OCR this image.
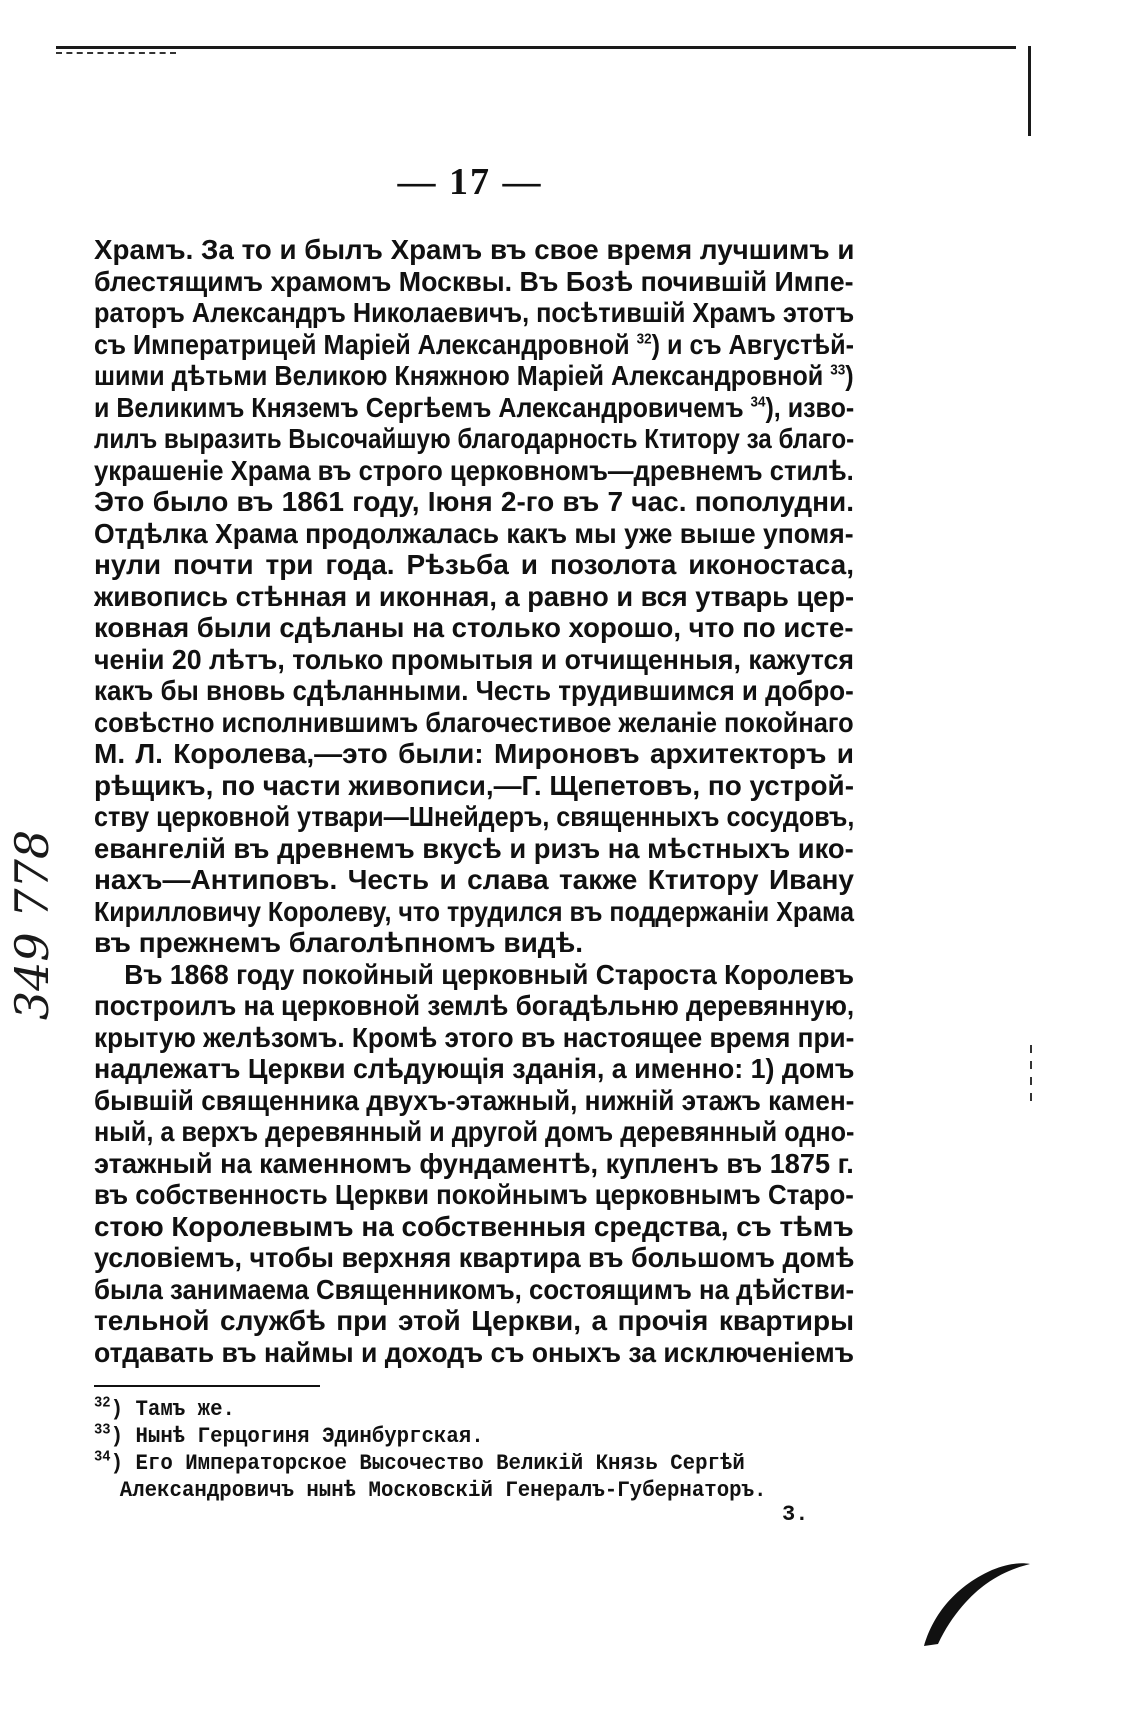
— 17 —
349 778
Храмъ. За то и былъ Храмъ въ свое время лучшимъ и
блестящимъ храмомъ Москвы. Въ Бозѣ почившій Импе-
раторъ Александръ Николаевичъ, посѣтившій Храмъ этотъ
съ Императрицей Маріей Александровной $^{32}$) и съ Августѣй-
шими дѣтьми Великою Княжною Маріей Александровной $^{33}$)
и Великимъ Княземъ Сергѣемъ Александровичемъ $^{34}$), изво-
лилъ выразить Высочайшую благодарность Ктитору за благо-
украшеніе Храма въ строго церковномъ—древнемъ стилѣ.
Это было въ 1861 году, Іюня 2-го въ 7 час. пополудни.
Отдѣлка Храма продолжалась какъ мы уже выше упомя-
нули почти три года. Рѣзьба и позолота иконостаса,
живопись стѣнная и иконная, а равно и вся утварь цер-
ковная были сдѣланы на столько хорошо, что по исте-
ченіи 20 лѣтъ, только промытыя и отчищенныя, кажутся
какъ бы вновь сдѣланными. Честь трудившимся и добро-
совѣстно исполнившимъ благочестивое желаніе покойнаго
М. Л. Королева,—это были: Мироновъ архитекторъ и
рѣщикъ, по части живописи,—Г. Щепетовъ, по устрой-
ству церковной утвари—Шнейдеръ, священныхъ сосудовъ,
евангелій въ древнемъ вкусѣ и ризъ на мѣстныхъ ико-
нахъ—Антиповъ. Честь и слава также Ктитору Ивану
Кирилловичу Королеву, что трудился въ поддержаніи Храма
въ прежнемъ благолѣпномъ видѣ.
Въ 1868 году покойный церковный Староста Королевъ
построилъ на церковной землѣ богадѣльню деревянную,
крытую желѣзомъ. Кромѣ этого въ настоящее время при-
надлежатъ Церкви слѣдующія зданія, а именно: 1) домъ
бывшій священника двухъ-этажный, нижній этажъ камен-
ный, а верхъ деревянный и другой домъ деревянный одно-
этажный на каменномъ фундаментѣ, купленъ въ 1875 г.
въ собственность Церкви покойнымъ церковнымъ Старо-
стою Королевымъ на собственныя средства, съ тѣмъ
условіемъ, чтобы верхняя квартира въ большомъ домѣ
была занимаема Священникомъ, состоящимъ на дѣйстви-
тельной службѣ при этой Церкви, а прочія квартиры
отдавать въ наймы и доходъ съ оныхъ за исключеніемъ
$^{32}$) Тамъ же.
$^{33}$) Нынѣ Герцогиня Эдинбургская.
$^{34}$) Его Императорское Высочество Великій Князь Сергѣй
Александровичъ нынѣ Московскій Генералъ-Губернаторъ.
3.
